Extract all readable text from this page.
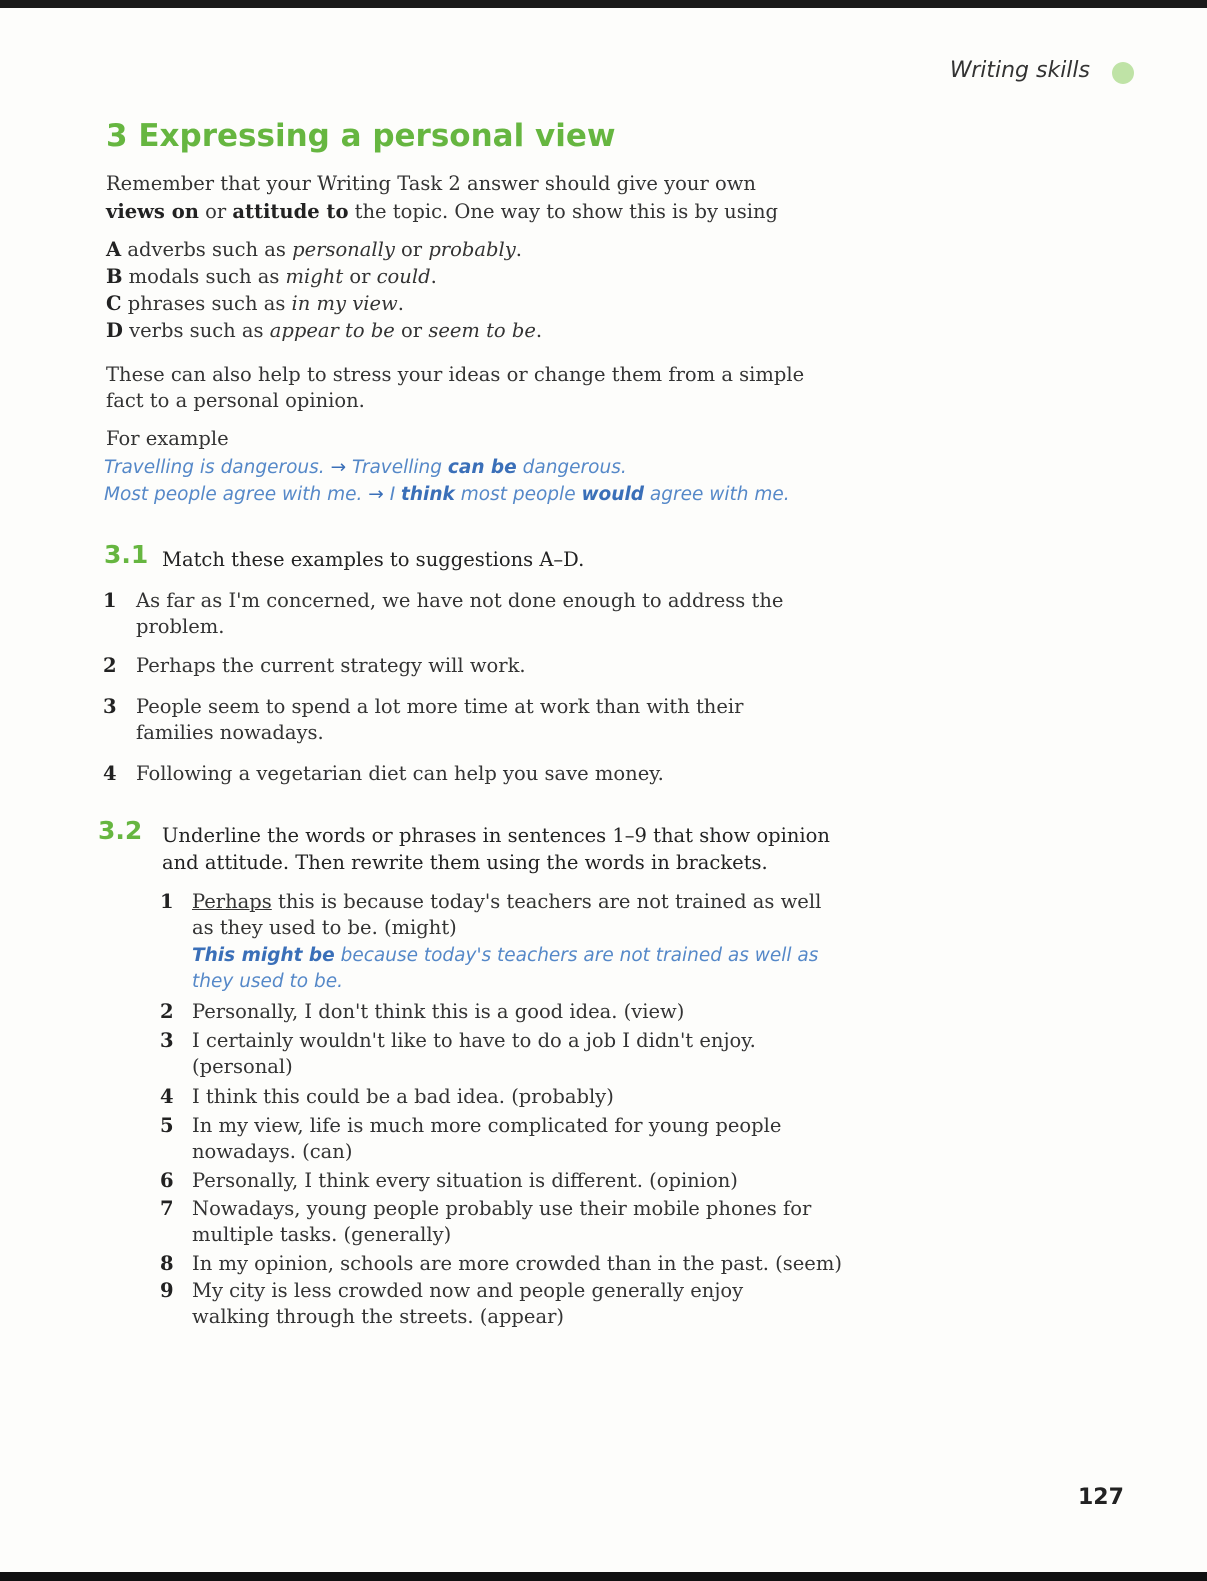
Writing skills
3 Expressing a personal view
Remember that your Writing Task 2 answer should give your own
views on or attitude to the topic. One way to show this is by using
A adverbs such as personally or probably.
B modals such as might or could.
C phrases such as in my view.
D verbs such as appear to be or seem to be.
These can also help to stress your ideas or change them from a simple
fact to a personal opinion.
For example
Travelling is dangerous. → Travelling can be dangerous.
Most people agree with me. → I think most people would agree with me.
3.1 Match these examples to suggestions A–D.
1 As far as I'm concerned, we have not done enough to address the
problem.
2 Perhaps the current strategy will work.
3 People seem to spend a lot more time at work than with their
families nowadays.
4 Following a vegetarian diet can help you save money.
3.2 Underline the words or phrases in sentences 1–9 that show opinion
and attitude. Then rewrite them using the words in brackets.
1 Perhaps this is because today's teachers are not trained as well
as they used to be. (might)
This might be because today's teachers are not trained as well as
they used to be.
2 Personally, I don't think this is a good idea. (view)
3 I certainly wouldn't like to have to do a job I didn't enjoy.
(personal)
4 I think this could be a bad idea. (probably)
5 In my view, life is much more complicated for young people
nowadays. (can)
6 Personally, I think every situation is different. (opinion)
7 Nowadays, young people probably use their mobile phones for
multiple tasks. (generally)
8 In my opinion, schools are more crowded than in the past. (seem)
9 My city is less crowded now and people generally enjoy
walking through the streets. (appear)
127
